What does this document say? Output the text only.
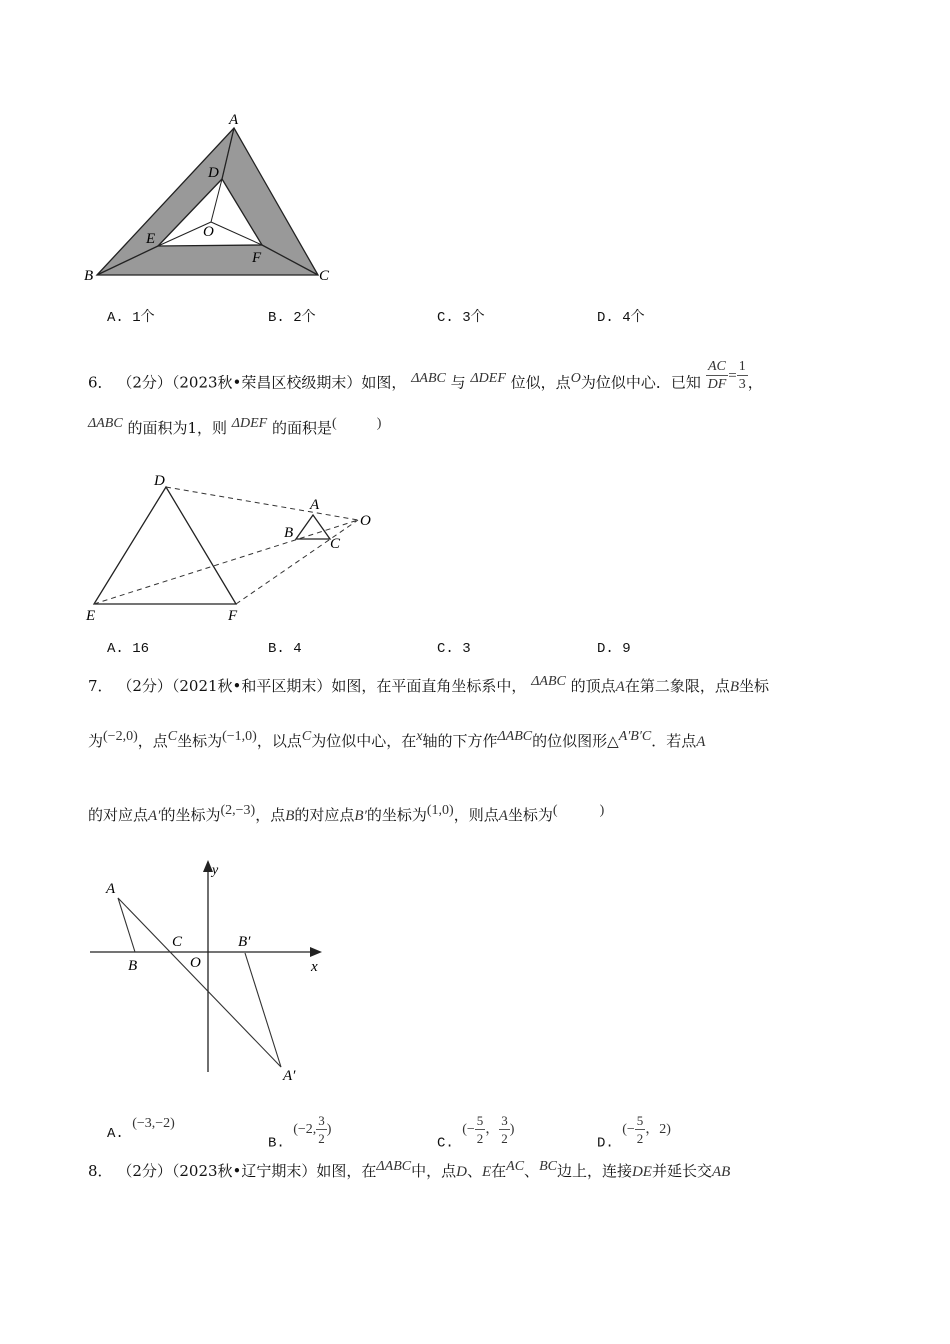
A
B	C
D
E
F
O
A. 1个	B. 2个	C. 3个	D. 4个
6． （2分）（2023秋•荣昌区校级期末）如图， ΔABC 与 ΔDEF 位似，点O为位似中心．已知 $\frac{AC}{DF} = \frac{1}{3}$ ，
ΔABC 的面积为1，则 ΔDEF 的面积是(	)
D
A
O
B
C
E	F
A. 16	B. 4	C. 3	D. 9
7． （2分）（2021秋•和平区期末）如图，在平面直角坐标系中， ΔABC 的顶点A在第二象限，点B坐标
为(−2,0)，点C坐标为(−1,0)，以点C为位似中心，在x轴的下方作ΔABC的位似图形△A′B′C．若点A
的对应点A′的坐标为(2,−3)，点B的对应点B′的坐标为(1,0)，则点A坐标为(	)
y
A
C	B′
B	O	x
A′
A. (−3,−2)
B. (−2, $\frac{3}{2}$ )
C. (− $\frac{5}{2}$ ， $\frac{3}{2}$ )
D. (− $\frac{5}{2}$ ，2)
8． （2分）（2023秋•辽宁期末）如图，在ΔABC中，点D、E在AC、BC边上，连接DE并延长交AB
